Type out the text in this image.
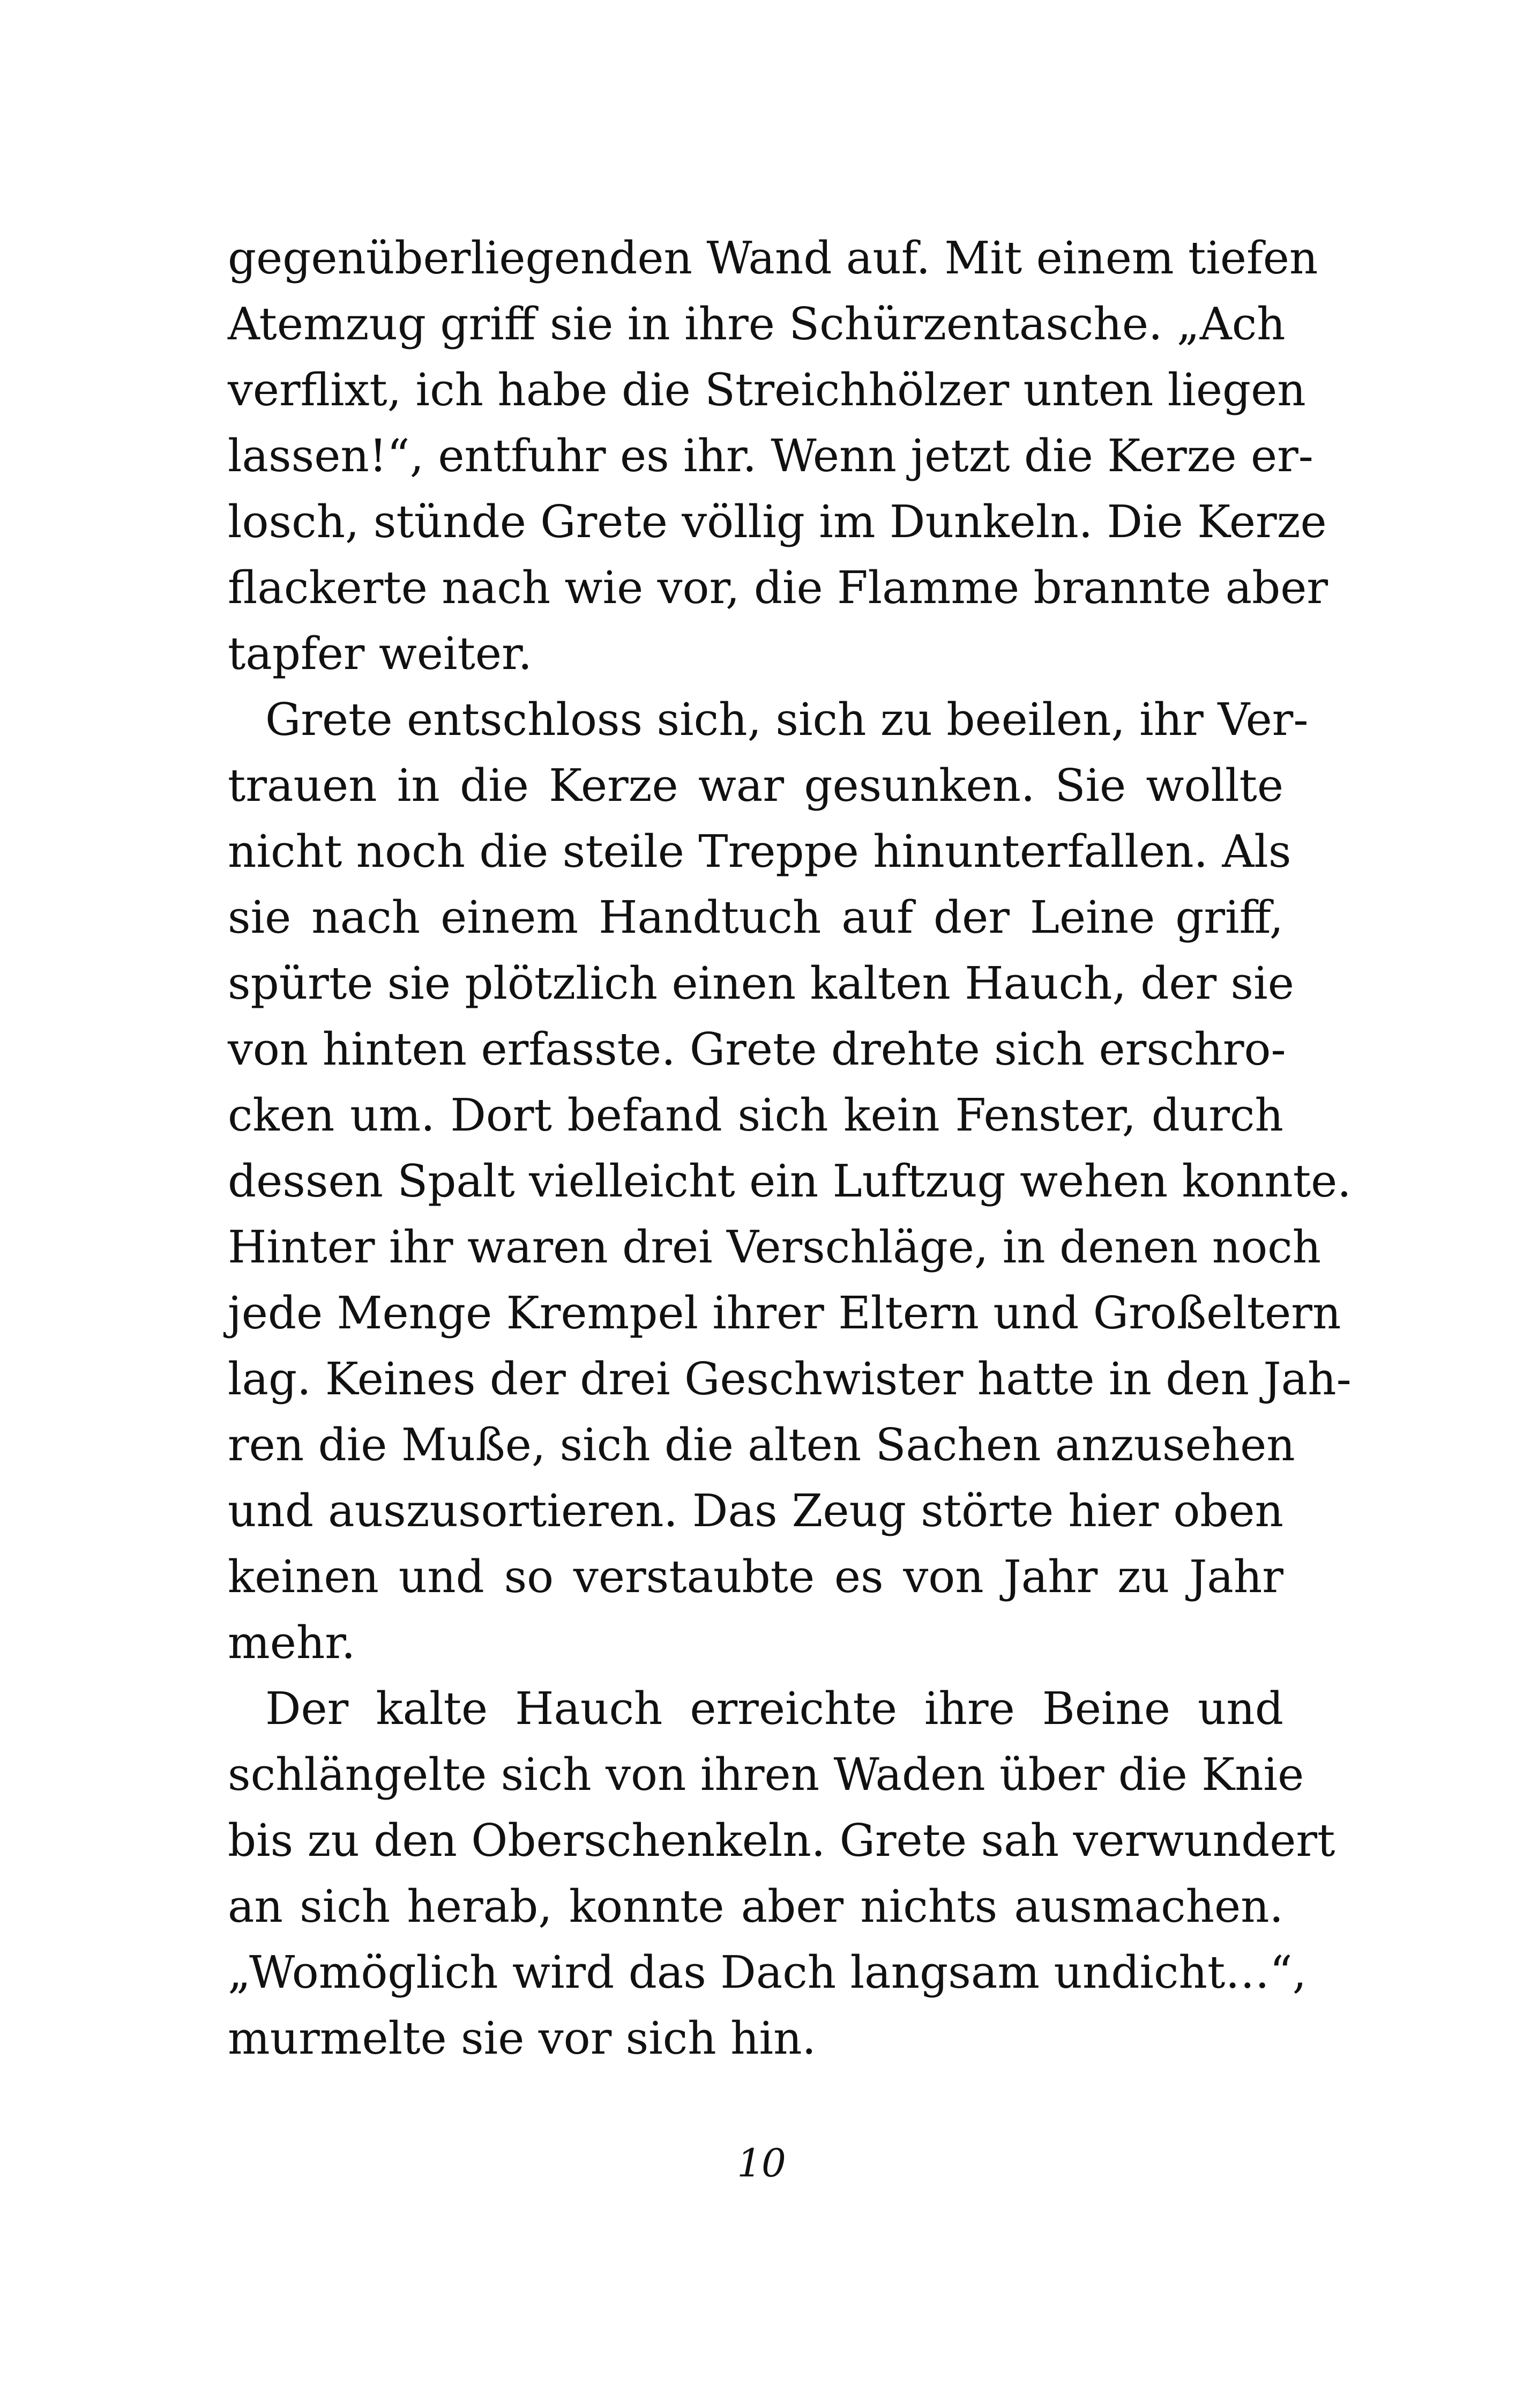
gegenüberliegenden Wand auf. Mit einem tiefen
Atemzug griff sie in ihre Schürzentasche. „Ach
verflixt, ich habe die Streichhölzer unten liegen
lassen!“, entfuhr es ihr. Wenn jetzt die Kerze er-
losch, stünde Grete völlig im Dunkeln. Die Kerze
flackerte nach wie vor, die Flamme brannte aber
tapfer weiter.
Grete entschloss sich, sich zu beeilen, ihr Ver-
trauen in die Kerze war gesunken. Sie wollte
nicht noch die steile Treppe hinunterfallen. Als
sie nach einem Handtuch auf der Leine griff,
spürte sie plötzlich einen kalten Hauch, der sie
von hinten erfasste. Grete drehte sich erschro-
cken um. Dort befand sich kein Fenster, durch
dessen Spalt vielleicht ein Luftzug wehen konnte.
Hinter ihr waren drei Verschläge, in denen noch
jede Menge Krempel ihrer Eltern und Großeltern
lag. Keines der drei Geschwister hatte in den Jah-
ren die Muße, sich die alten Sachen anzusehen
und auszusortieren. Das Zeug störte hier oben
keinen und so verstaubte es von Jahr zu Jahr
mehr.
Der kalte Hauch erreichte ihre Beine und
schlängelte sich von ihren Waden über die Knie
bis zu den Oberschenkeln. Grete sah verwundert
an sich herab, konnte aber nichts ausmachen.
„Womöglich wird das Dach langsam undicht…“,
murmelte sie vor sich hin.
10
